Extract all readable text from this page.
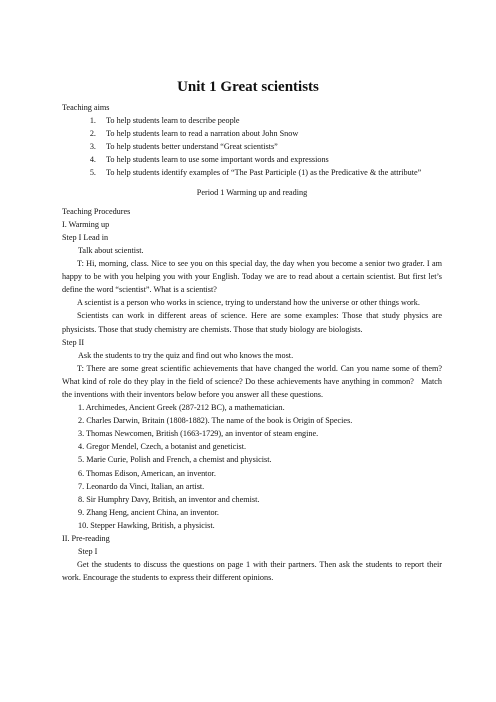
Unit 1 Great scientists
Teaching aims
1. To help students learn to describe people
2. To help students learn to read a narration about John Snow
3. To help students better understand “Great scientists”
4. To help students learn to use some important words and expressions
5. To help students identify examples of “The Past Participle (1) as the Predicative & the attribute”
Period 1 Warming up and reading
Teaching Procedures
I. Warming up
Step I Lead in
Talk about scientist.
T: Hi, morning, class. Nice to see you on this special day, the day when you become a senior two grader. I am happy to be with you helping you with your English. Today we are to read about a certain scientist. But first let’s define the word “scientist”. What is a scientist?
A scientist is a person who works in science, trying to understand how the universe or other things work.
Scientists can work in different areas of science. Here are some examples: Those that study physics are physicists. Those that study chemistry are chemists. Those that study biology are biologists.
Step II
Ask the students to try the quiz and find out who knows the most.
T: There are some great scientific achievements that have changed the world. Can you name some of them? What kind of role do they play in the field of science? Do these achievements have anything in common?   Match the inventions with their inventors below before you answer all these questions.
1. Archimedes, Ancient Greek (287-212 BC), a mathematician.
2. Charles Darwin, Britain (1808-1882). The name of the book is Origin of Species.
3. Thomas Newcomen, British (1663-1729), an inventor of steam engine.
4. Gregor Mendel, Czech, a botanist and geneticist.
5. Marie Curie, Polish and French, a chemist and physicist.
6. Thomas Edison, American, an inventor.
7. Leonardo da Vinci, Italian, an artist.
8. Sir Humphry Davy, British, an inventor and chemist.
9. Zhang Heng, ancient China, an inventor.
10. Stepper Hawking, British, a physicist.
II. Pre-reading
Step I
Get the students to discuss the questions on page 1 with their partners. Then ask the students to report their work. Encourage the students to express their different opinions.
